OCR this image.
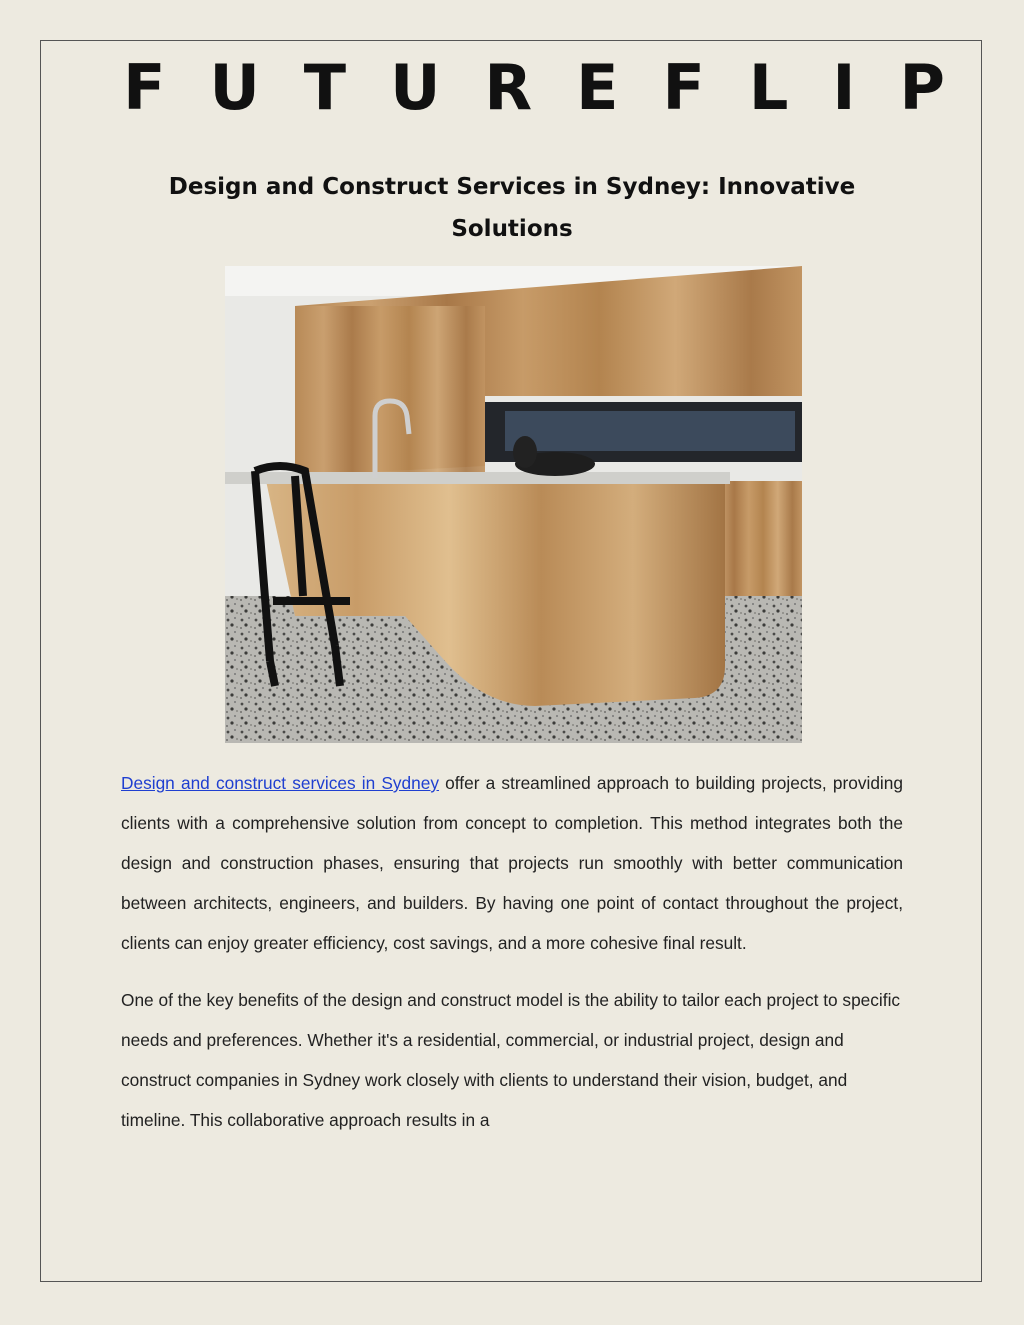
FUTUREFLIP
Design and Construct Services in Sydney: Innovative Solutions

Design and construct services in Sydney offer a streamlined approach to building projects, providing clients with a comprehensive solution from concept to completion. This method integrates both the design and construction phases, ensuring that projects run smoothly with better communication between architects, engineers, and builders. By having one point of contact throughout the project, clients can enjoy greater efficiency, cost savings, and a more cohesive final result.

One of the key benefits of the design and construct model is the ability to tailor each project to specific needs and preferences. Whether it's a residential, commercial, or industrial project, design and construct companies in Sydney work closely with clients to understand their vision, budget, and timeline. This collaborative approach results in a
